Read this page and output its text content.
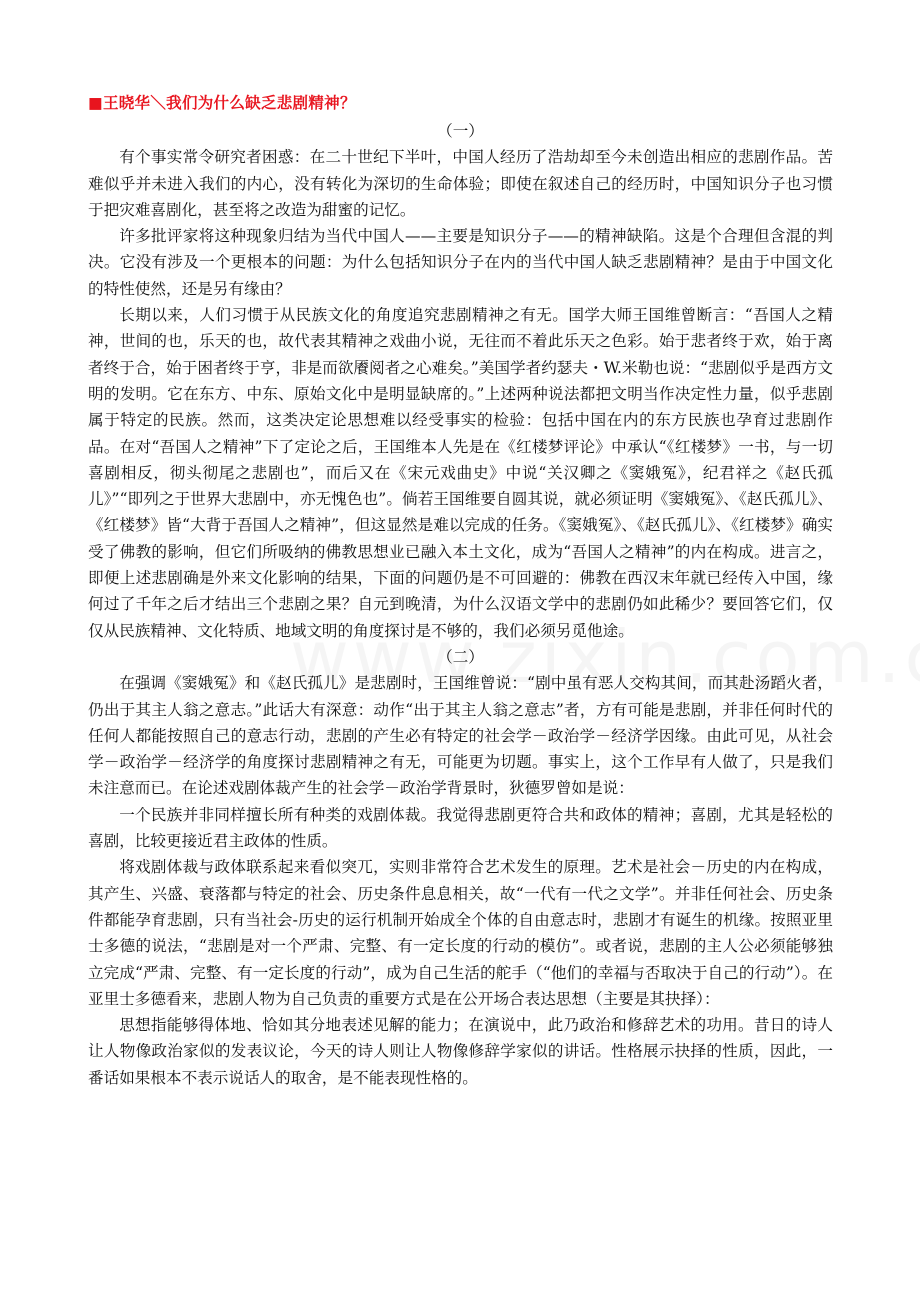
■王晓华＼我们为什么缺乏悲剧精神？

（一）

有个事实常令研究者困惑：在二十世纪下半叶，中国人经历了浩劫却至今未创造出相应的悲剧作品。苦难似乎并未进入我们的内心，没有转化为深切的生命体验；即使在叙述自己的经历时，中国知识分子也习惯于把灾难喜剧化，甚至将之改造为甜蜜的记忆。

许多批评家将这种现象归结为当代中国人——主要是知识分子——的精神缺陷。这是个合理但含混的判决。它没有涉及一个更根本的问题：为什么包括知识分子在内的当代中国人缺乏悲剧精神？是由于中国文化的特性使然，还是另有缘由？

长期以来，人们习惯于从民族文化的角度追究悲剧精神之有无。国学大师王国维曾断言：“吾国人之精神，世间的也，乐天的也，故代表其精神之戏曲小说，无往而不着此乐天之色彩。始于悲者终于欢，始于离者终于合，始于困者终于亨，非是而欲餍阅者之心难矣。”美国学者约瑟夫・W.米勒也说：“悲剧似乎是西方文明的发明。它在东方、中东、原始文化中是明显缺席的。”上述两种说法都把文明当作决定性力量，似乎悲剧属于特定的民族。然而，这类决定论思想难以经受事实的检验：包括中国在内的东方民族也孕育过悲剧作品。在对“吾国人之精神”下了定论之后，王国维本人先是在《红楼梦评论》中承认“《红楼梦》一书，与一切喜剧相反，彻头彻尾之悲剧也”，而后又在《宋元戏曲史》中说“关汉卿之《窦娥冤》，纪君祥之《赵氏孤儿》”“即列之于世界大悲剧中，亦无愧色也”。倘若王国维要自圆其说，就必须证明《窦娥冤》、《赵氏孤儿》、《红楼梦》皆“大背于吾国人之精神”，但这显然是难以完成的任务。《窦娥冤》、《赵氏孤儿》、《红楼梦》确实受了佛教的影响，但它们所吸纳的佛教思想业已融入本土文化，成为“吾国人之精神”的内在构成。进言之，即便上述悲剧确是外来文化影响的结果，下面的问题仍是不可回避的：佛教在西汉末年就已经传入中国，缘何过了千年之后才结出三个悲剧之果？自元到晚清，为什么汉语文学中的悲剧仍如此稀少？要回答它们，仅仅从民族精神、文化特质、地域文明的角度探讨是不够的，我们必须另觅他途。

（二）

在强调《窦娥冤》和《赵氏孤儿》是悲剧时，王国维曾说：“剧中虽有恶人交构其间，而其赴汤蹈火者，仍出于其主人翁之意志。”此话大有深意：动作“出于其主人翁之意志”者，方有可能是悲剧，并非任何时代的任何人都能按照自己的意志行动，悲剧的产生必有特定的社会学－政治学－经济学因缘。由此可见，从社会学－政治学－经济学的角度探讨悲剧精神之有无，可能更为切题。事实上，这个工作早有人做了，只是我们未注意而已。在论述戏剧体裁产生的社会学－政治学背景时，狄德罗曾如是说：

一个民族并非同样擅长所有种类的戏剧体裁。我觉得悲剧更符合共和政体的精神；喜剧，尤其是轻松的喜剧，比较更接近君主政体的性质。

将戏剧体裁与政体联系起来看似突兀，实则非常符合艺术发生的原理。艺术是社会－历史的内在构成，其产生、兴盛、衰落都与特定的社会、历史条件息息相关，故“一代有一代之文学”。并非任何社会、历史条件都能孕育悲剧，只有当社会-历史的运行机制开始成全个体的自由意志时，悲剧才有诞生的机缘。按照亚里士多德的说法，“悲剧是对一个严肃、完整、有一定长度的行动的模仿”。或者说，悲剧的主人公必须能够独立完成“严肃、完整、有一定长度的行动”，成为自己生活的舵手（“他们的幸福与否取决于自己的行动”）。在亚里士多德看来，悲剧人物为自己负责的重要方式是在公开场合表达思想（主要是其抉择）：

思想指能够得体地、恰如其分地表述见解的能力；在演说中，此乃政治和修辞艺术的功用。昔日的诗人让人物像政治家似的发表议论，今天的诗人则让人物像修辞学家似的讲话。性格展示抉择的性质，因此，一番话如果根本不表示说话人的取舍，是不能表现性格的。
